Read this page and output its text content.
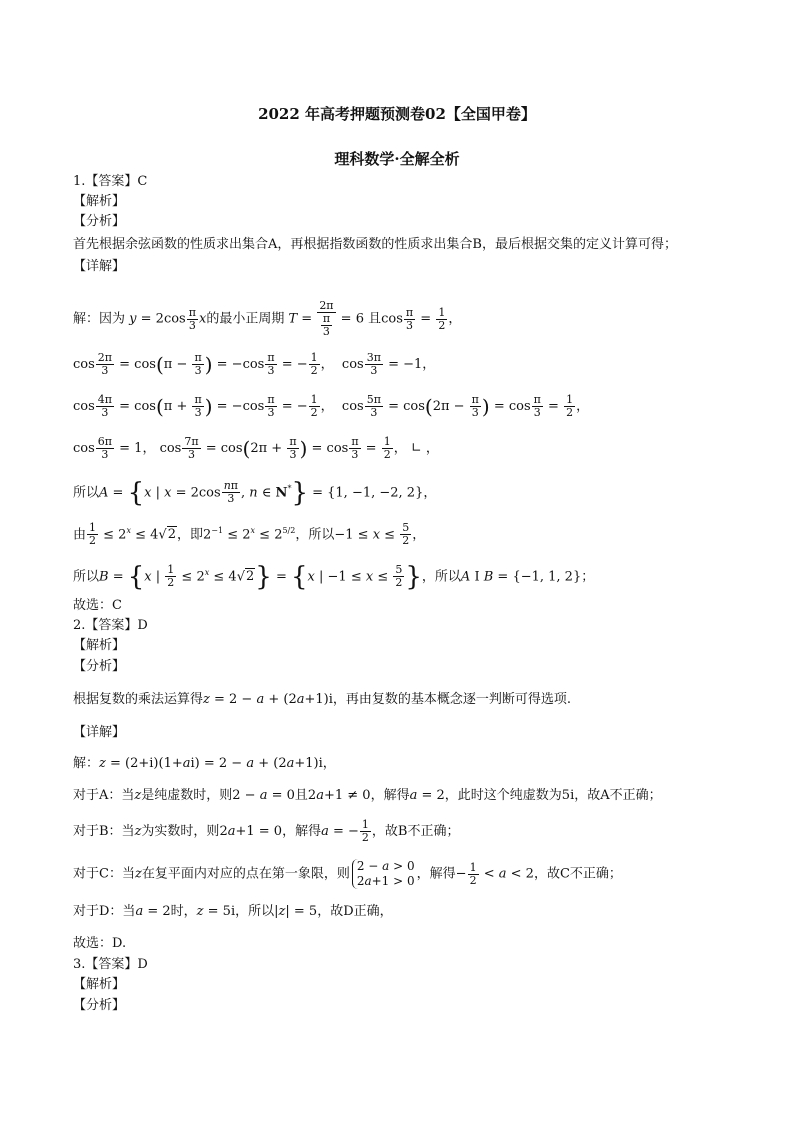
2022 年高考押题预测卷02【全国甲卷】
理科数学·全解全析
1.【答案】C
【解析】
【分析】
首先根据余弦函数的性质求出集合A，再根据指数函数的性质求出集合B，最后根据交集的定义计算可得；
【详解】
解：因为 $y = 2\cos \frac{\pi}{3}$ x的最小正周期 $T = \frac{2\pi}{\frac{\pi}{3}} = 6$ 且$\cos \frac{\pi}{3} = \frac{1}{2}$ ，
$\cos \frac{2\pi}{3} = \cos(\pi - \frac{\pi}{3}$ ) = $-\cos \frac{\pi}{3}$ = − $\frac{1}{2}$ ，  $\cos \frac{3\pi}{3} = -1$，
$\cos \frac{4\pi}{3} = \cos(\pi + \frac{\pi}{3}$ ) = $-\cos \frac{\pi}{3}$ = − $\frac{1}{2}$ ，  $\cos \frac{5\pi}{3} = \cos(2\pi - \frac{\pi}{3}$ ) = $\cos \frac{\pi}{3} = \frac{1}{2}$ ，
$\cos \frac{6\pi}{3} = 1$， $\cos \frac{7\pi}{3} = \cos(2\pi + \frac{\pi}{3}$ ) = $\cos \frac{\pi}{3} = \frac{1}{2}$ ， ∟ ，
所以A = {x | $x = 2\cos \frac{n\pi}{3}$ , n ∈ N*} = {1, −1, −2, 2}，
由 $\frac{1}{2} \le 2^x \le 4√2$，即$2^{-1} \le 2^x \le 2^{5/2}$，所以$-1 \le x \le \frac{5}{2}$ ，
所以B = {x | $\frac{1}{2} \le 2^x \le 4√2\} = \{x$ | $-1 \le x \le \frac{5}{2}$ }，所以A I B = {−1, 1, 2}；
故选：C
2.【答案】D
【解析】
【分析】
根据复数的乘法运算得z = 2 − a + (2a+1)i，再由复数的基本概念逐一判断可得选项.
【详解】
解：z = (2+i)(1+ai) = 2 − a + (2a+1)i，
对于A：当z是纯虚数时，则2 − a = 0且2a+1 ≠ 0，解得a = 2，此时这个纯虚数为5i，故A不正确；
对于B：当z为实数时，则2a+1 = 0，解得a = − $\frac{1}{2}$ ，故B不正确；
对于C：当z在复平面内对应的点在第一象限，则2 − a > 0
2a+1 > 0 ，解得− $\frac{1}{2} < a < 2$，故C不正确；
对于D：当a = 2时，z = 5i，所以|z| = 5，故D正确，
故选：D.
3.【答案】D
【解析】
【分析】
